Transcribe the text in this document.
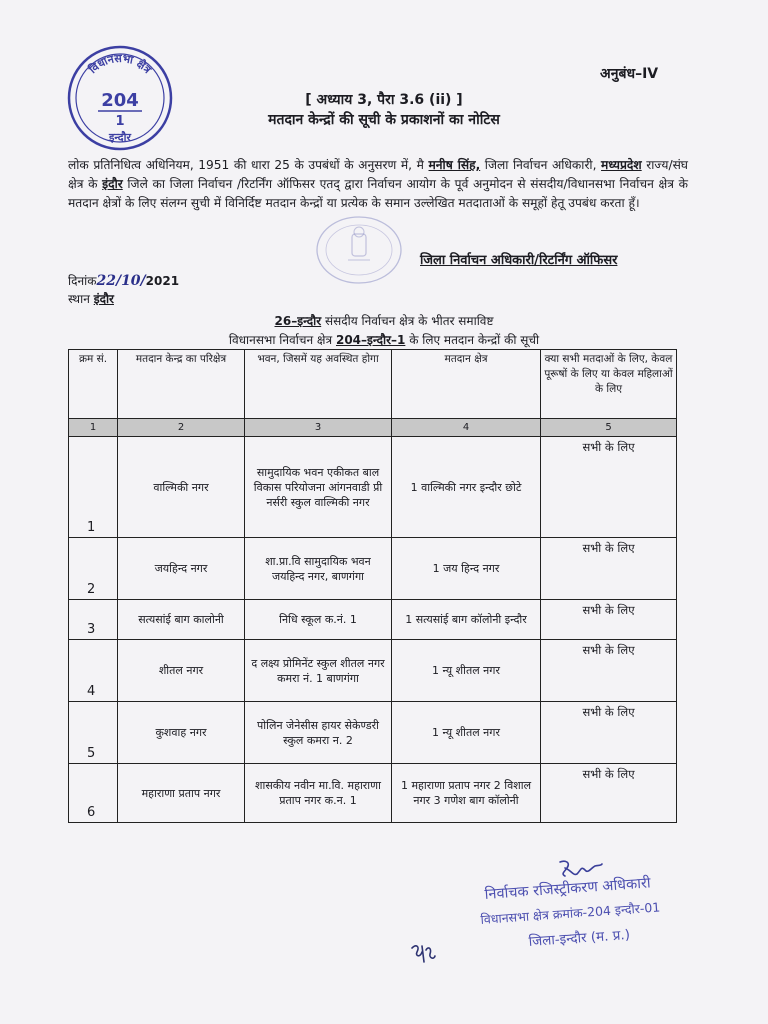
विधानसभा क्षेत्र
204
1
इन्दौर
अनुबंध–IV
[ अध्याय 3, पैरा 3.6 (ii) ]
मतदान केन्द्रों की सूची के प्रकाशनों का नोटिस
लोक प्रतिनिधित्व अधिनियम, 1951 की धारा 25 के उपबंधों के अनुसरण में, मै मनीष सिंह, जिला निर्वाचन अधिकारी, मध्यप्रदेश राज्य/संघ क्षेत्र के इंदौर जिले का जिला निर्वाचन /रिटर्निंग ऑफिसर एतद् द्वारा निर्वाचन आयोग के पूर्व अनुमोदन से संसदीय/विधानसभा निर्वाचन क्षेत्र के मतदान क्षेत्रों के लिए संलग्न सुची में विनिर्दिष्ट मतदान केन्द्रों या प्रत्येक के समान उल्लेखित मतदाताओं के समूहों हेतू उपबंध करता हूँ।
जिला निर्वाचन अधिकारी/रिटर्निंग ऑफिसर
दिनांक22/10/2021
स्थान इंदौर
26–इन्दौर संसदीय निर्वाचन क्षेत्र के भीतर समाविष्ट
विधानसभा निर्वाचन क्षेत्र 204–इन्दौर–1 के लिए मतदान केन्द्रों की सूची
क्रम सं.	मतदान केन्द्र का परिक्षेत्र	भवन, जिसमें यह अवस्थित होगा	मतदान क्षेत्र	क्या सभी मतदाओं के लिए, केवल पूरूषों के लिए या केवल महिलाओं के लिए
1	2	3	4	5
1	वाल्मिकी नगर	सामुदायिक भवन एकीकत बाल विकास परियोजना आंगनवाडी प्री नर्सरी स्कुल वाल्मिकी नगर	1 वाल्मिकी नगर इन्दौर छोटे	सभी के लिए
2	जयहिन्द नगर	शा.प्रा.वि सामुदायिक भवन जयहिन्द नगर, बाणगंगा	1 जय हिन्द नगर	सभी के लिए
3	सत्यसांई बाग कालोनी	निधि स्कूल क.नं. 1	1 सत्यसांई बाग कॉलोनी इन्दौर	सभी के लिए
4	शीतल नगर	द लक्ष्य प्रोमिनेंट स्कुल शीतल नगर कमरा नं. 1 बाणगंगा	1 न्यू शीतल नगर	सभी के लिए
5	कुशवाह नगर	पोलिन जेनेसीस हायर सेकेण्डरी स्कुल कमरा न. 2	1 न्यू शीतल नगर	सभी के लिए
6	महाराणा प्रताप नगर	शासकीय नवीन मा.वि. महाराणा प्रताप नगर क.न. 1	1 महाराणा प्रताप नगर 2 विशाल नगर 3 गणेश बाग कॉलोनी	सभी के लिए
निर्वाचक रजिस्ट्रीकरण अधिकारी
विधानसभा क्षेत्र क्रमांक-204 इन्दौर-01
जिला-इन्दौर (म. प्र.)
